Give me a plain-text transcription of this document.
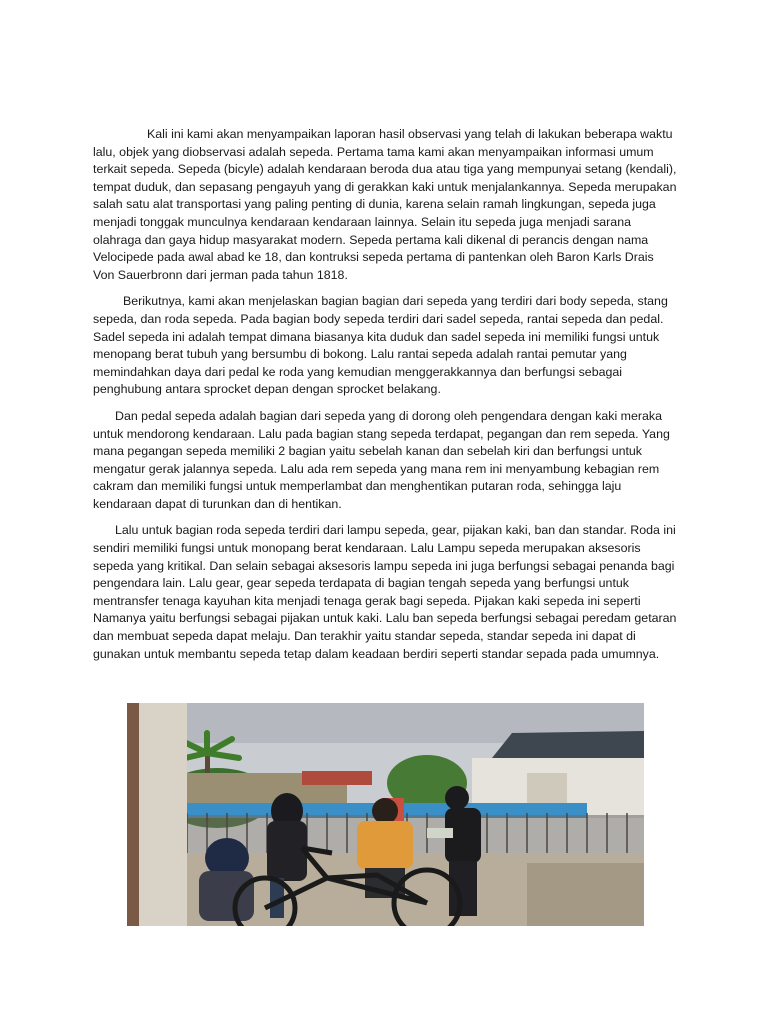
Kali ini kami akan menyampaikan laporan hasil observasi yang telah di lakukan beberapa waktu lalu, objek yang diobservasi adalah sepeda. Pertama tama kami akan menyampaikan informasi umum terkait sepeda. Sepeda (bicyle) adalah kendaraan beroda dua atau tiga yang mempunyai setang (kendali), tempat duduk, dan sepasang pengayuh yang di gerakkan kaki untuk menjalankannya. Sepeda merupakan salah satu alat transportasi yang paling penting di dunia, karena selain ramah lingkungan, sepeda juga menjadi tonggak munculnya kendaraan kendaraan lainnya. Selain itu sepeda juga menjadi sarana olahraga dan gaya hidup masyarakat modern. Sepeda pertama kali dikenal di perancis dengan nama Velocipede pada awal abad ke 18, dan kontruksi sepeda pertama di pantenkan oleh Baron Karls Drais Von Sauerbronn dari jerman pada tahun 1818.

Berikutnya, kami akan menjelaskan bagian bagian dari sepeda yang terdiri dari body sepeda, stang sepeda, dan roda sepeda. Pada bagian body sepeda terdiri dari sadel sepeda, rantai sepeda dan pedal. Sadel sepeda ini adalah tempat dimana biasanya kita duduk dan sadel sepeda ini memiliki fungsi untuk menopang berat tubuh yang bersumbu di bokong. Lalu rantai sepeda adalah rantai pemutar yang memindahkan daya dari pedal ke roda yang kemudian menggerakkannya dan berfungsi sebagai penghubung antara sprocket depan dengan sprocket belakang.

Dan pedal sepeda adalah bagian dari sepeda yang di dorong oleh pengendara dengan kaki meraka untuk mendorong kendaraan. Lalu pada bagian stang sepeda terdapat, pegangan dan rem sepeda. Yang mana pegangan sepeda memiliki 2 bagian yaitu sebelah kanan dan sebelah kiri dan berfungsi untuk mengatur gerak jalannya sepeda. Lalu ada rem sepeda yang mana rem ini menyambung kebagian rem cakram dan memiliki fungsi untuk memperlambat dan menghentikan putaran roda, sehingga laju kendaraan dapat di turunkan dan di hentikan.

Lalu untuk bagian roda sepeda terdiri dari lampu sepeda, gear, pijakan kaki, ban dan standar. Roda ini sendiri memiliki fungsi untuk monopang berat kendaraan. Lalu Lampu sepeda merupakan aksesoris sepeda yang kritikal. Dan selain sebagai aksesoris lampu sepeda ini juga berfungsi sebagai penanda bagi pengendara lain. Lalu gear, gear sepeda terdapata di bagian tengah sepeda yang berfungsi untuk mentransfer tenaga kayuhan kita menjadi tenaga gerak bagi sepeda. Pijakan kaki sepeda ini seperti Namanya yaitu berfungsi sebagai pijakan untuk kaki. Lalu ban sepeda berfungsi sebagai peredam getaran dan membuat sepeda dapat melaju. Dan terakhir yaitu standar sepeda, standar sepeda ini dapat di gunakan untuk membantu sepeda tetap dalam keadaan berdiri seperti standar sepada pada umumnya.
